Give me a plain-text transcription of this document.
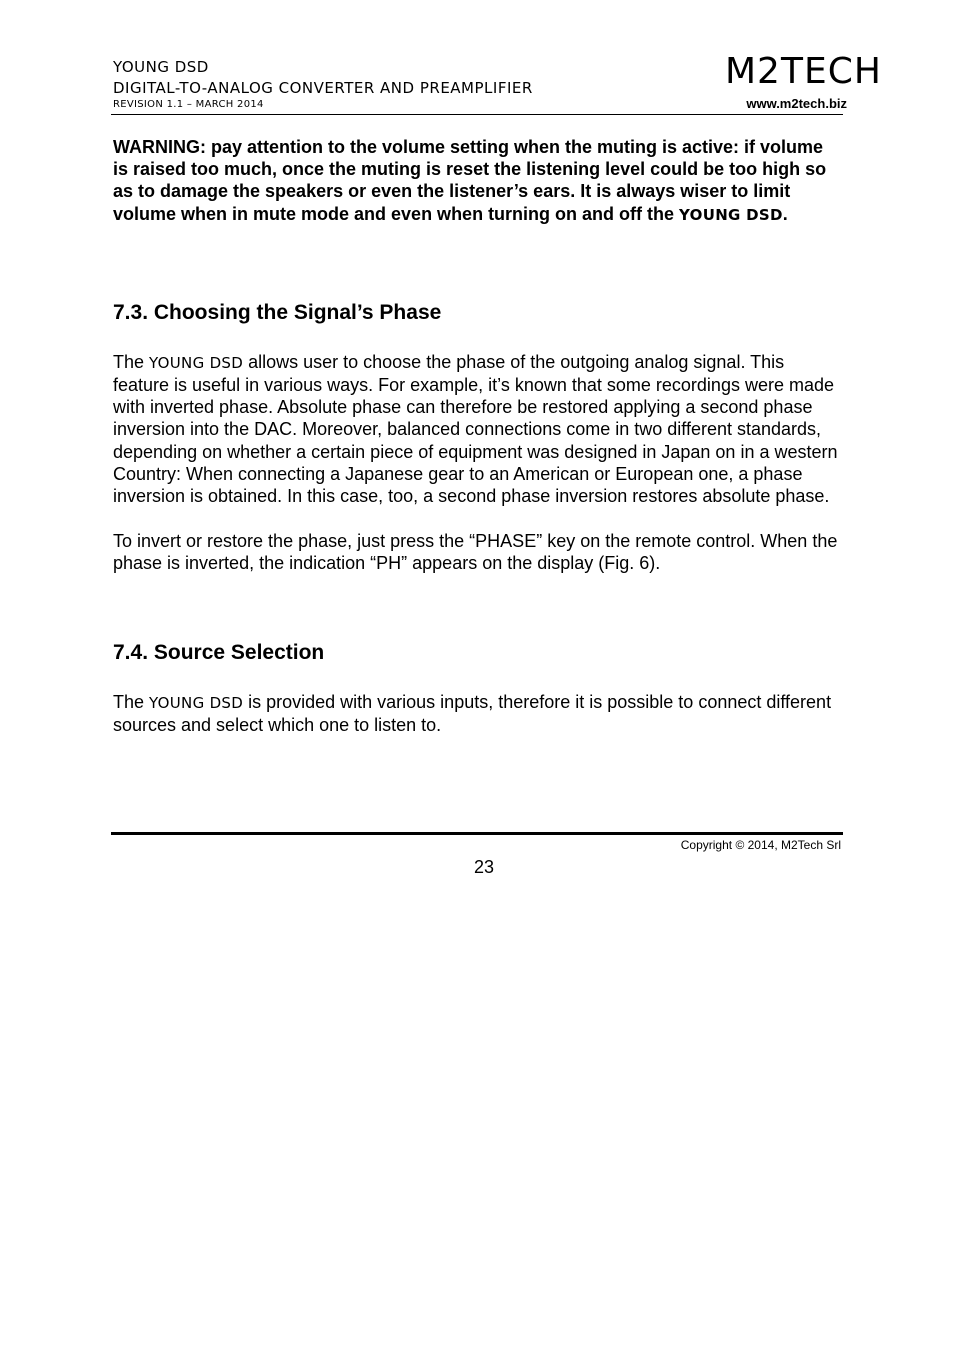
YOUNG DSD
DIGITAL-TO-ANALOG CONVERTER AND PREAMPLIFIER
REVISION 1.1 – MARCH 2014
M2TECH
www.m2tech.biz

WARNING: pay attention to the volume setting when the muting is active: if volume is raised too much, once the muting is reset the listening level could be too high so as to damage the speakers or even the listener’s ears. It is always wiser to limit volume when in mute mode and even when turning on and off the YOUNG DSD.

7.3. Choosing the Signal’s Phase

The YOUNG DSD allows user to choose the phase of the outgoing analog signal. This feature is useful in various ways. For example, it’s known that some recordings were made with inverted phase. Absolute phase can therefore be restored applying a second phase inversion into the DAC. Moreover, balanced connections come in two different standards, depending on whether a certain piece of equipment was designed in Japan on in a western Country: When connecting a Japanese gear to an American or European one, a phase inversion is obtained. In this case, too, a second phase inversion restores absolute phase.

To invert or restore the phase, just press the “PHASE” key on the remote control. When the phase is inverted, the indication “PH” appears on the display (Fig. 6).

7.4. Source Selection

The YOUNG DSD is provided with various inputs, therefore it is possible to connect different sources and select which one to listen to.

Copyright © 2014, M2Tech Srl
23
